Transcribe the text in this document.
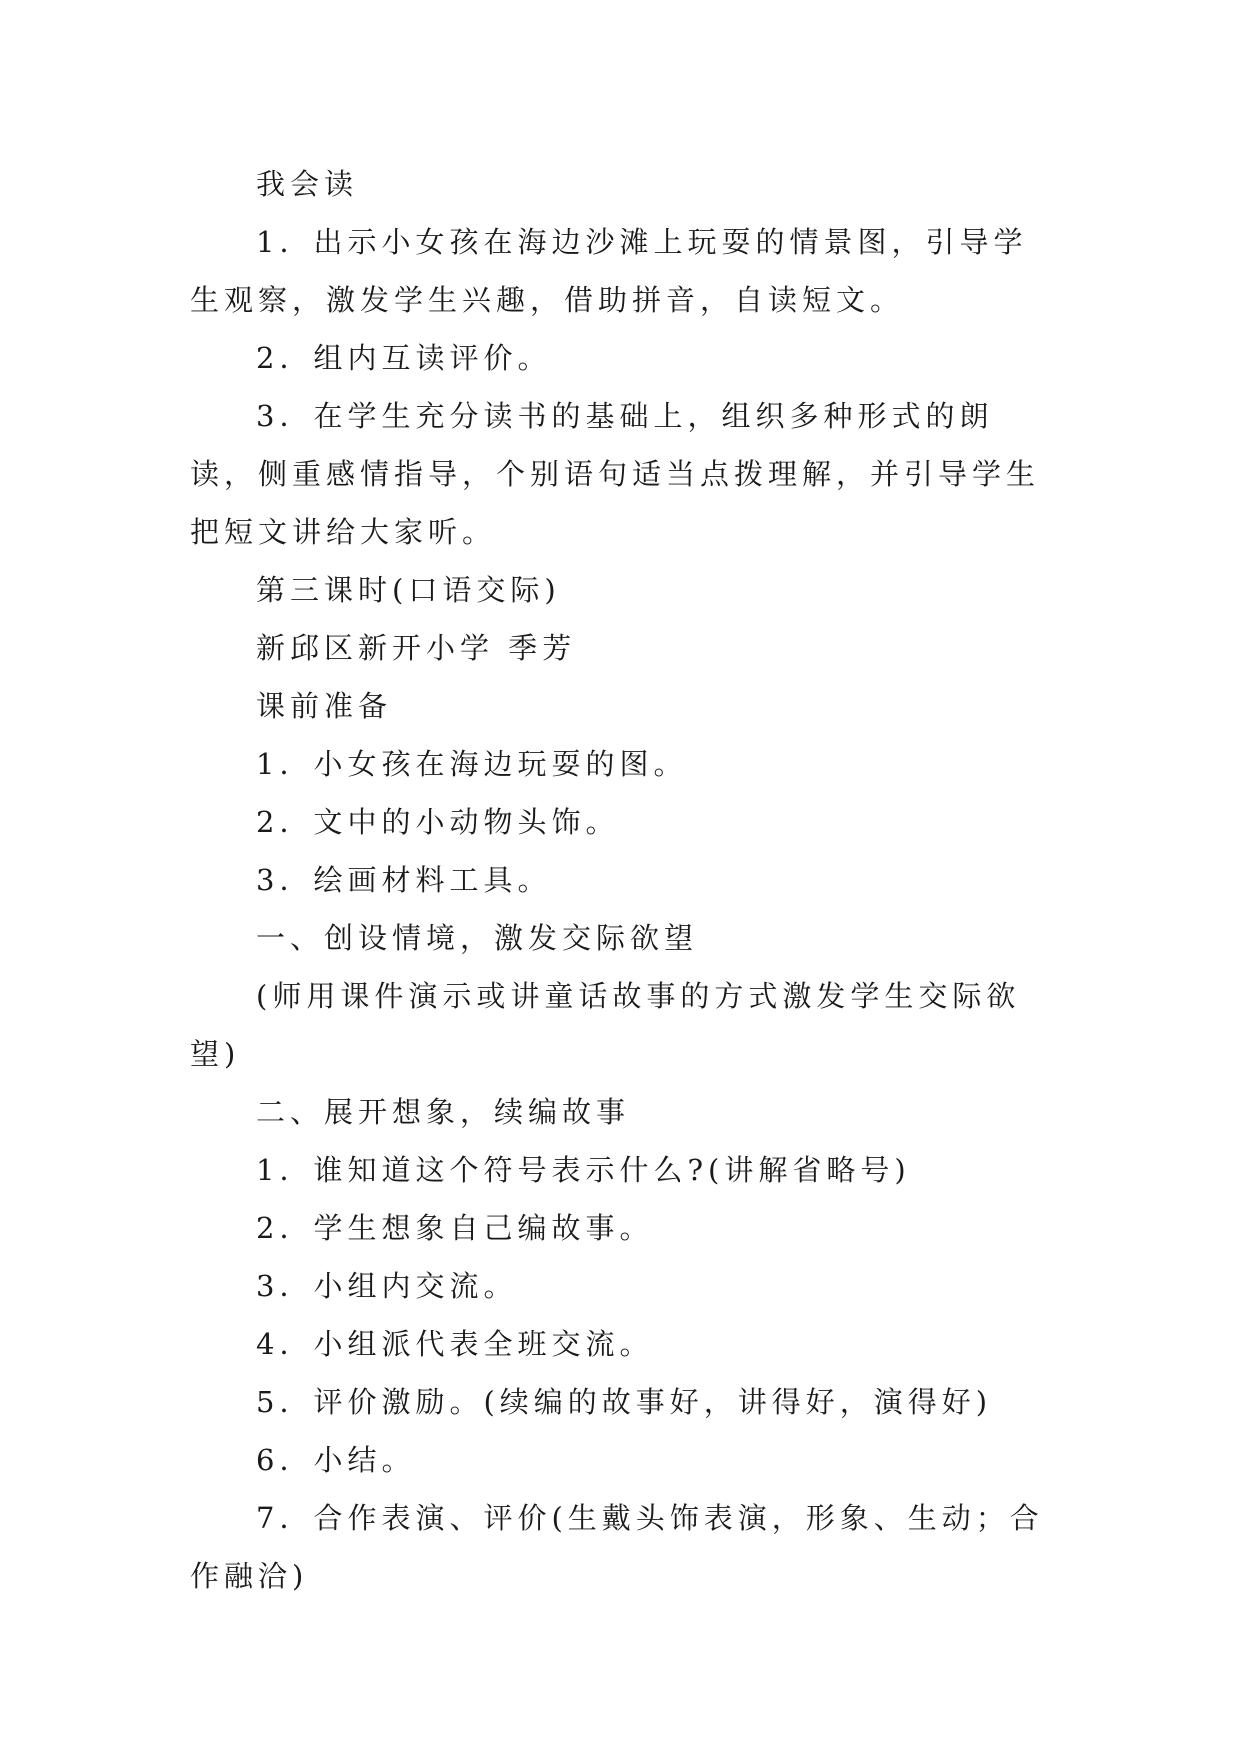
我会读

1．出示小女孩在海边沙滩上玩耍的情景图，引导学生观察，激发学生兴趣，借助拼音，自读短文。

2．组内互读评价。

3．在学生充分读书的基础上，组织多种形式的朗读，侧重感情指导，个别语句适当点拨理解，并引导学生把短文讲给大家听。

第三课时(口语交际)

新邱区新开小学 季芳

课前准备

1．小女孩在海边玩耍的图。

2．文中的小动物头饰。

3．绘画材料工具。

一、创设情境，激发交际欲望

(师用课件演示或讲童话故事的方式激发学生交际欲望)

二、展开想象，续编故事

1．谁知道这个符号表示什么?(讲解省略号)

2．学生想象自己编故事。

3．小组内交流。

4．小组派代表全班交流。

5．评价激励。(续编的故事好，讲得好，演得好)

6．小结。

7．合作表演、评价(生戴头饰表演，形象、生动；合作融洽)
